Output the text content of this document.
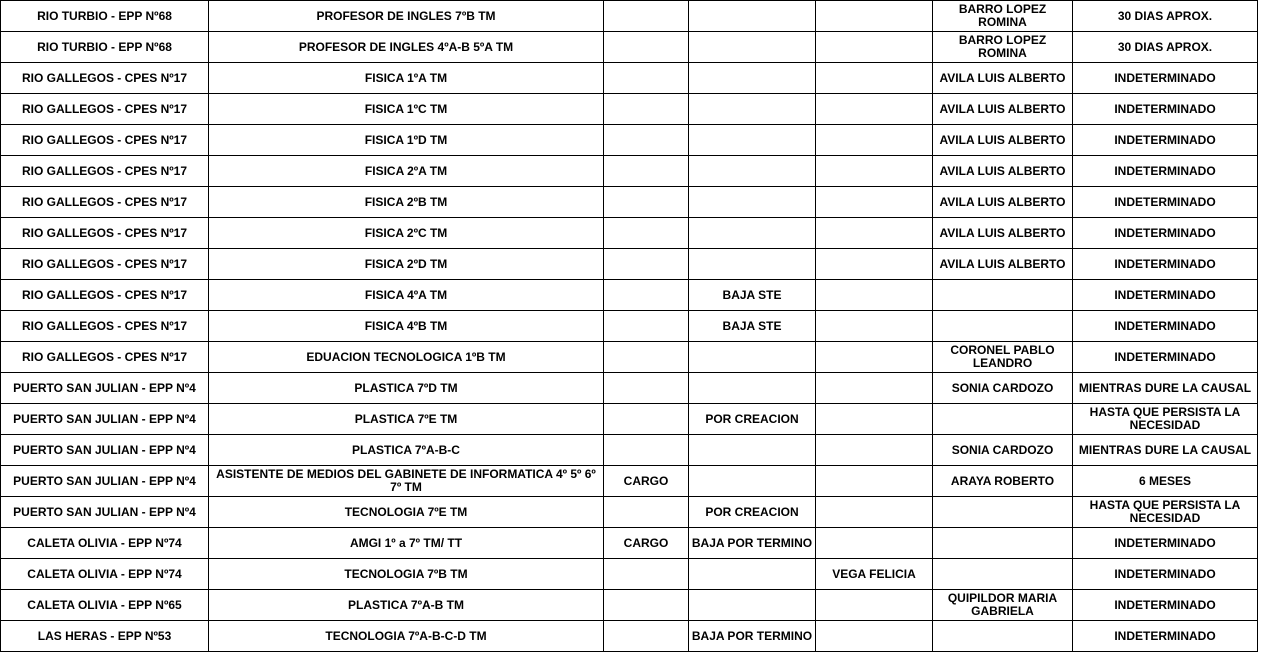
RIO TURBIO - EPP Nº68	PROFESOR DE INGLES 7ºB TM				BARRO LOPEZ ROMINA	30 DIAS APROX.
RIO TURBIO - EPP Nº68	PROFESOR DE INGLES 4ºA-B 5ºA TM				BARRO LOPEZ ROMINA	30 DIAS APROX.
RIO GALLEGOS - CPES Nº17	FISICA 1ºA TM				AVILA LUIS ALBERTO	INDETERMINADO
RIO GALLEGOS - CPES Nº17	FISICA 1ºC TM				AVILA LUIS ALBERTO	INDETERMINADO
RIO GALLEGOS - CPES Nº17	FISICA 1ºD TM				AVILA LUIS ALBERTO	INDETERMINADO
RIO GALLEGOS - CPES Nº17	FISICA 2ºA TM				AVILA LUIS ALBERTO	INDETERMINADO
RIO GALLEGOS - CPES Nº17	FISICA 2ºB TM				AVILA LUIS ALBERTO	INDETERMINADO
RIO GALLEGOS - CPES Nº17	FISICA 2ºC TM				AVILA LUIS ALBERTO	INDETERMINADO
RIO GALLEGOS - CPES Nº17	FISICA 2ºD TM				AVILA LUIS ALBERTO	INDETERMINADO
RIO GALLEGOS - CPES Nº17	FISICA 4ºA TM		BAJA STE			INDETERMINADO
RIO GALLEGOS - CPES Nº17	FISICA 4ºB TM		BAJA STE			INDETERMINADO
RIO GALLEGOS - CPES Nº17	EDUACION TECNOLOGICA 1ºB TM				CORONEL PABLO LEANDRO	INDETERMINADO
PUERTO SAN JULIAN - EPP Nº4	PLASTICA 7ºD TM				SONIA CARDOZO	MIENTRAS DURE LA CAUSAL
PUERTO SAN JULIAN - EPP Nº4	PLASTICA 7ºE TM		POR CREACION			HASTA QUE PERSISTA LA NECESIDAD
PUERTO SAN JULIAN - EPP Nº4	PLASTICA 7ºA-B-C				SONIA CARDOZO	MIENTRAS DURE LA CAUSAL
PUERTO SAN JULIAN - EPP Nº4	ASISTENTE DE MEDIOS DEL GABINETE DE INFORMATICA 4º 5º 6º 7º TM	CARGO			ARAYA ROBERTO	6 MESES
PUERTO SAN JULIAN - EPP Nº4	TECNOLOGIA 7ºE TM		POR CREACION			HASTA QUE PERSISTA LA NECESIDAD
CALETA OLIVIA - EPP Nº74	AMGI 1º a 7º TM/ TT	CARGO	BAJA POR TERMINO			INDETERMINADO
CALETA OLIVIA - EPP Nº74	TECNOLOGIA 7ºB TM			VEGA FELICIA		INDETERMINADO
CALETA OLIVIA - EPP Nº65	PLASTICA 7ºA-B TM				QUIPILDOR MARIA GABRIELA	INDETERMINADO
LAS HERAS - EPP Nº53	TECNOLOGIA 7ºA-B-C-D TM		BAJA POR TERMINO			INDETERMINADO
